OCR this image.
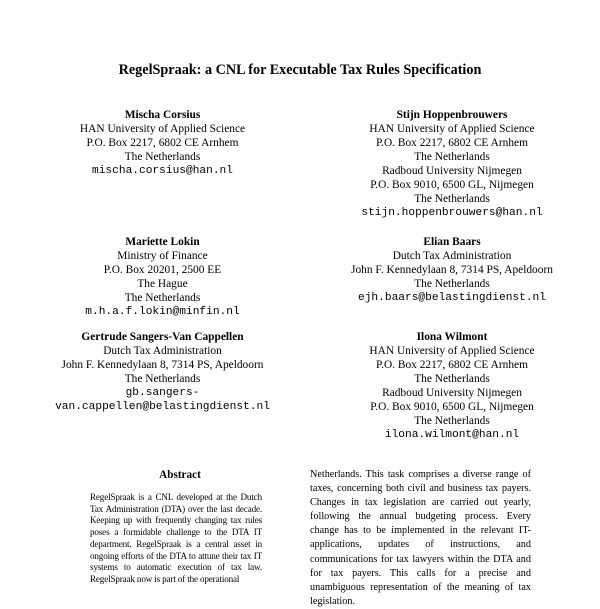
RegelSpraak: a CNL for Executable Tax Rules Specification
Mischa Corsius
HAN University of Applied Science
P.O. Box 2217, 6802 CE Arnhem
The Netherlands
mischa.corsius@han.nl
Stijn Hoppenbrouwers
HAN University of Applied Science
P.O. Box 2217, 6802 CE Arnhem
The Netherlands
Radboud University Nijmegen
P.O. Box 9010, 6500 GL, Nijmegen
The Netherlands
stijn.hoppenbrouwers@han.nl
Mariette Lokin
Ministry of Finance
P.O. Box 20201, 2500 EE
The Hague
The Netherlands
m.h.a.f.lokin@minfin.nl
Elian Baars
Dutch Tax Administration
John F. Kennedylaan 8, 7314 PS, Apeldoorn
The Netherlands
ejh.baars@belastingdienst.nl
Gertrude Sangers-Van Cappellen
Dutch Tax Administration
John F. Kennedylaan 8, 7314 PS, Apeldoorn
The Netherlands
gb.sangers-
van.cappellen@belastingdienst.nl
Ilona Wilmont
HAN University of Applied Science
P.O. Box 2217, 6802 CE Arnhem
The Netherlands
Radboud University Nijmegen
P.O. Box 9010, 6500 GL, Nijmegen
The Netherlands
ilona.wilmont@han.nl
Abstract
RegelSpraak is a CNL developed at the Dutch Tax Administration (DTA) over the last decade. Keeping up with frequently changing tax rules poses a formidable challenge to the DTA IT department. RegelSpraak is a central asset in ongoing efforts of the DTA to attune their tax IT systems to automatic execution of tax law. RegelSpraak now is part of the operational
Netherlands. This task comprises a diverse range of taxes, concerning both civil and business tax payers. Changes in tax legislation are carried out yearly, following the annual budgeting process. Every change has to be implemented in the relevant IT-applications, updates of instructions, and communications for tax lawyers within the DTA and for tax payers. This calls for a precise and unambiguous representation of the meaning of tax legislation.
